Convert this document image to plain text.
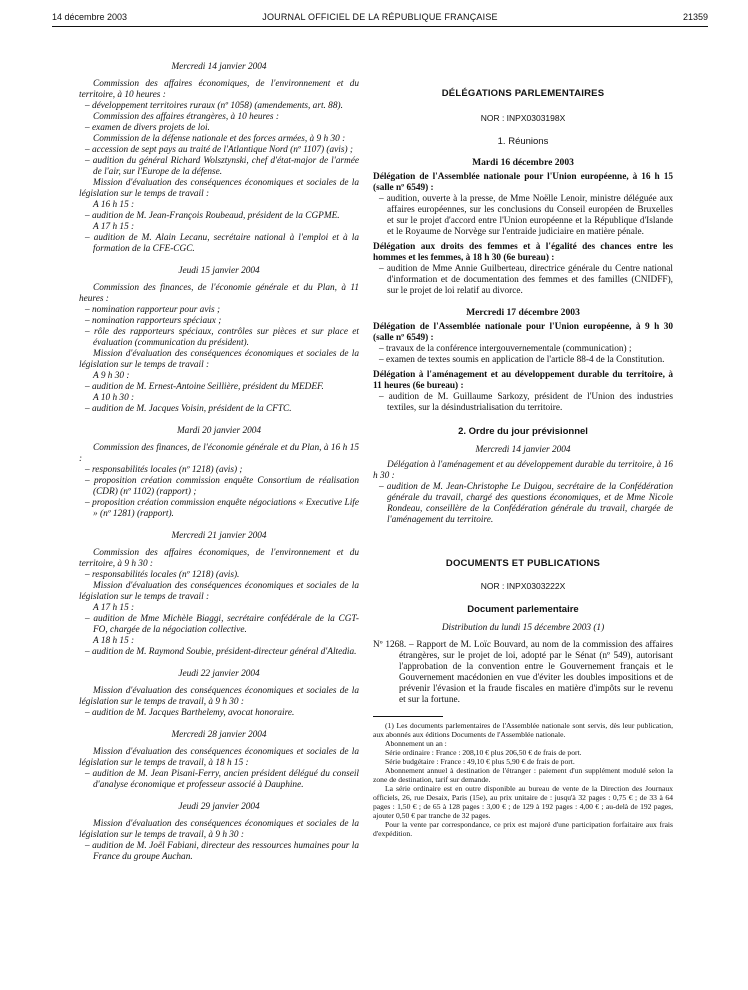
14 décembre 2003	JOURNAL OFFICIEL DE LA RÉPUBLIQUE FRANÇAISE	21359

Mercredi 14 janvier 2004

Commission des affaires économiques, de l'environnement et du territoire, à 10 heures :

– développement territoires ruraux (nº 1058) (amendements, art. 88).

Commission des affaires étrangères, à 10 heures :

– examen de divers projets de loi.

Commission de la défense nationale et des forces armées, à 9 h 30 :

– accession de sept pays au traité de l'Atlantique Nord (nº 1107) (avis) ;

– audition du général Richard Wolsztynski, chef d'état-major de l'armée de l'air, sur l'Europe de la défense.

Mission d'évaluation des conséquences économiques et sociales de la législation sur le temps de travail :

A 16 h 15 :

– audition de M. Jean-François Roubeaud, président de la CGPME.

A 17 h 15 :

– audition de M. Alain Lecanu, secrétaire national à l'emploi et à la formation de la CFE-CGC.

Jeudi 15 janvier 2004

Commission des finances, de l'économie générale et du Plan, à 11 heures :

– nomination rapporteur pour avis ;

– nomination rapporteurs spéciaux ;

– rôle des rapporteurs spéciaux, contrôles sur pièces et sur place et évaluation (communication du président).

Mission d'évaluation des conséquences économiques et sociales de la législation sur le temps de travail :

A 9 h 30 :

– audition de M. Ernest-Antoine Seillière, président du MEDEF.

A 10 h 30 :

– audition de M. Jacques Voisin, président de la CFTC.

Mardi 20 janvier 2004

Commission des finances, de l'économie générale et du Plan, à 16 h 15 :

– responsabilités locales (nº 1218) (avis) ;

– proposition création commission enquête Consortium de réalisation (CDR) (nº 1102) (rapport) ;

– proposition création commission enquête négociations « Executive Life » (nº 1281) (rapport).

Mercredi 21 janvier 2004

Commission des affaires économiques, de l'environnement et du territoire, à 9 h 30 :

– responsabilités locales (nº 1218) (avis).

Mission d'évaluation des conséquences économiques et sociales de la législation sur le temps de travail :

A 17 h 15 :

– audition de Mme Michèle Biaggi, secrétaire confédérale de la CGT-FO, chargée de la négociation collective.

A 18 h 15 :

– audition de M. Raymond Soubie, président-directeur général d'Altedia.

Jeudi 22 janvier 2004

Mission d'évaluation des conséquences économiques et sociales de la législation sur le temps de travail, à 9 h 30 :

– audition de M. Jacques Barthelemy, avocat honoraire.

Mercredi 28 janvier 2004

Mission d'évaluation des conséquences économiques et sociales de la législation sur le temps de travail, à 18 h 15 :

– audition de M. Jean Pisani-Ferry, ancien président délégué du conseil d'analyse économique et professeur associé à Dauphine.

Jeudi 29 janvier 2004

Mission d'évaluation des conséquences économiques et sociales de la législation sur le temps de travail, à 9 h 30 :

– audition de M. Joël Fabiani, directeur des ressources humaines pour la France du groupe Auchan.

DÉLÉGATIONS PARLEMENTAIRES

NOR : INPX0303198X

1. Réunions

Mardi 16 décembre 2003

Délégation de l'Assemblée nationale pour l'Union européenne, à 16 h 15 (salle nº 6549) :

– audition, ouverte à la presse, de Mme Noëlle Lenoir, ministre déléguée aux affaires européennes, sur les conclusions du Conseil européen de Bruxelles et sur le projet d'accord entre l'Union européenne et la République d'Islande et le Royaume de Norvège sur l'entraide judiciaire en matière pénale.

Délégation aux droits des femmes et à l'égalité des chances entre les hommes et les femmes, à 18 h 30 (6e bureau) :

– audition de Mme Annie Guilberteau, directrice générale du Centre national d'information et de documentation des femmes et des familles (CNIDFF), sur le projet de loi relatif au divorce.

Mercredi 17 décembre 2003

Délégation de l'Assemblée nationale pour l'Union européenne, à 9 h 30 (salle nº 6549) :

– travaux de la conférence intergouvernementale (communication) ;

– examen de textes soumis en application de l'article 88-4 de la Constitution.

Délégation à l'aménagement et au développement durable du territoire, à 11 heures (6e bureau) :

– audition de M. Guillaume Sarkozy, président de l'Union des industries textiles, sur la désindustrialisation du territoire.

2. Ordre du jour prévisionnel

Mercredi 14 janvier 2004

Délégation à l'aménagement et au développement durable du territoire, à 16 h 30 :

– audition de M. Jean-Christophe Le Duigou, secrétaire de la Confédération générale du travail, chargé des questions économiques, et de Mme Nicole Rondeau, conseillère de la Confédération générale du travail, chargée de l'aménagement du territoire.

DOCUMENTS ET PUBLICATIONS

NOR : INPX0303222X

Document parlementaire

Distribution du lundi 15 décembre 2003 (1)

Nº 1268. – Rapport de M. Loïc Bouvard, au nom de la commission des affaires étrangères, sur le projet de loi, adopté par le Sénat (nº 549), autorisant l'approbation de la convention entre le Gouvernement français et le Gouvernement macédonien en vue d'éviter les doubles impositions et de prévenir l'évasion et la fraude fiscales en matière d'impôts sur le revenu et sur la fortune.

(1) Les documents parlementaires de l'Assemblée nationale sont servis, dès leur publication, aux abonnés aux éditions Documents de l'Assemblée nationale.

Abonnement un an :

Série ordinaire : France : 208,10 € plus 206,50 € de frais de port.

Série budgétaire : France : 49,10 € plus 5,90 € de frais de port.

Abonnement annuel à destination de l'étranger : paiement d'un supplément modulé selon la zone de destination, tarif sur demande.

La série ordinaire est en outre disponible au bureau de vente de la Direction des Journaux officiels, 26, rue Desaix, Paris (15e), au prix unitaire de : jusqu'à 32 pages : 0,75 € ; de 33 à 64 pages : 1,50 € ; de 65 à 128 pages : 3,00 € ; de 129 à 192 pages : 4,00 € ; au-delà de 192 pages, ajouter 0,50 € par tranche de 32 pages.

Pour la vente par correspondance, ce prix est majoré d'une participation forfaitaire aux frais d'expédition.
